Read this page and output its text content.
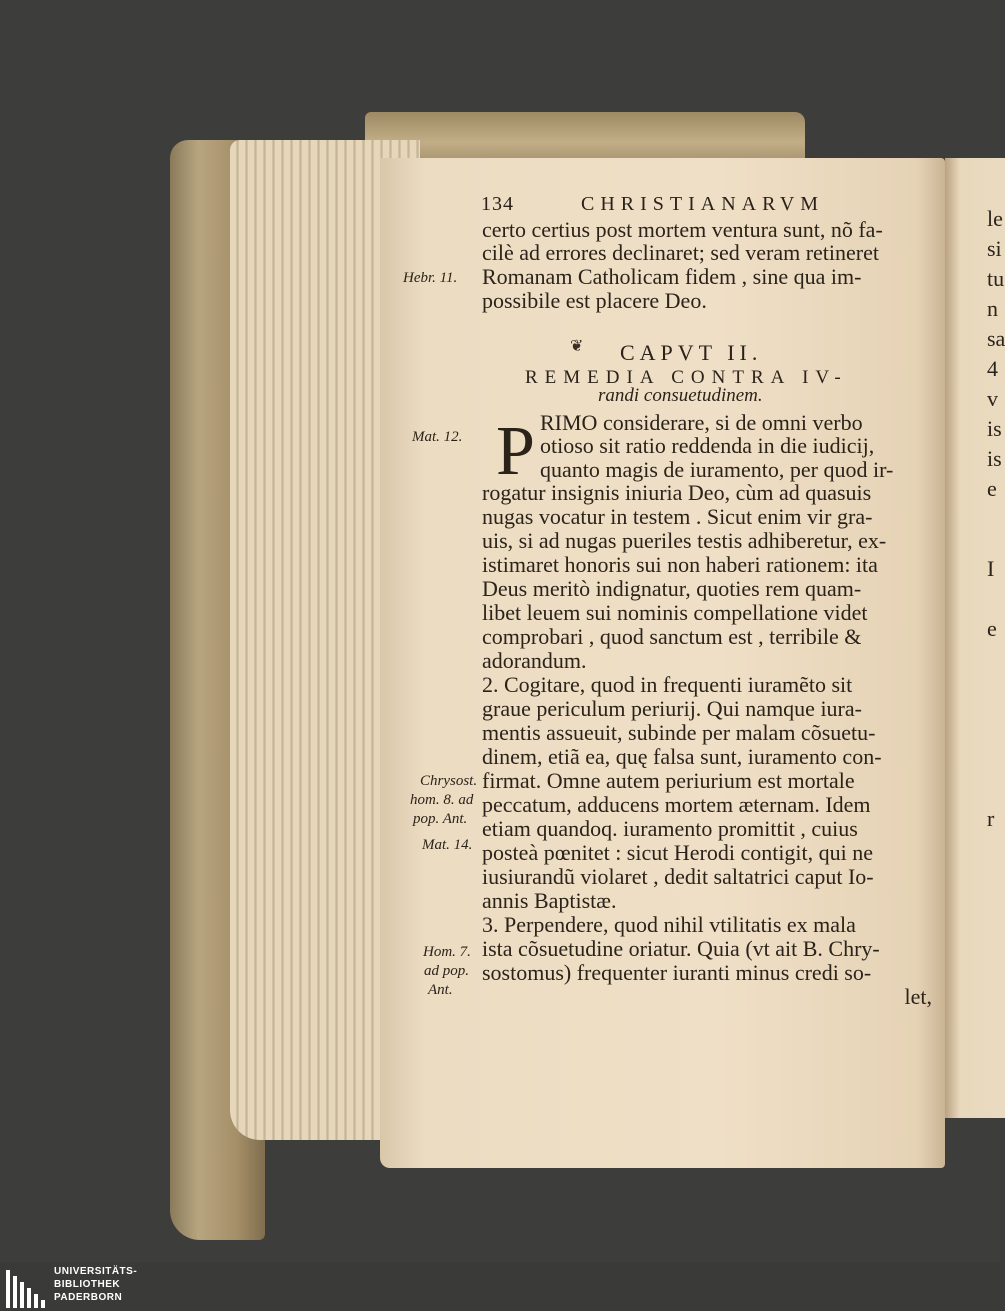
le
si
tu
n
sa
4
v
is
is
e
I
e
r
134	CHRISTIANARVM
certo certius post mortem ventura sunt, nõ fa-
cilè ad errores declinaret; sed veram retineret
Romanam Catholicam fidem , sine qua im-
possibile est placere Deo.
❦ CAPVT II.
REMEDIA CONTRA IV-
randi consuetudinem.
P RIMO considerare, si de omni verbo
otioso sit ratio reddenda in die iudicij,
quanto magis de iuramento, per quod ir-
rogatur insignis iniuria Deo, cùm ad quasuis
nugas vocatur in testem . Sicut enim vir gra-
uis, si ad nugas pueriles testis adhiberetur, ex-
istimaret honoris sui non haberi rationem: ita
Deus meritò indignatur, quoties rem quam-
libet leuem sui nominis compellatione videt
comprobari , quod sanctum est , terribile &
adorandum.
2. Cogitare, quod in frequenti iuramẽto sit
graue periculum periurij. Qui namque iura-
mentis assueuit, subinde per malam cõsuetu-
dinem, etiã ea, quę falsa sunt, iuramento con-
firmat. Omne autem periurium est mortale
peccatum, adducens mortem æternam. Idem
etiam quandoq. iuramento promittit , cuius
posteà pœnitet : sicut Herodi contigit, qui ne
iusiurandũ violaret , dedit saltatrici caput Io-
annis Baptistæ.
3. Perpendere, quod nihil vtilitatis ex mala
ista cõsuetudine oriatur. Quia (vt ait B. Chry-
sostomus) frequenter iuranti minus credi so-
let,
Hebr. 11.
Mat. 12.
Chrysost.
hom. 8. ad
pop. Ant.
Mat. 14.
Hom. 7.
ad pop.
Ant.
UNIVERSITÄTS-
BIBLIOTHEK
PADERBORN
